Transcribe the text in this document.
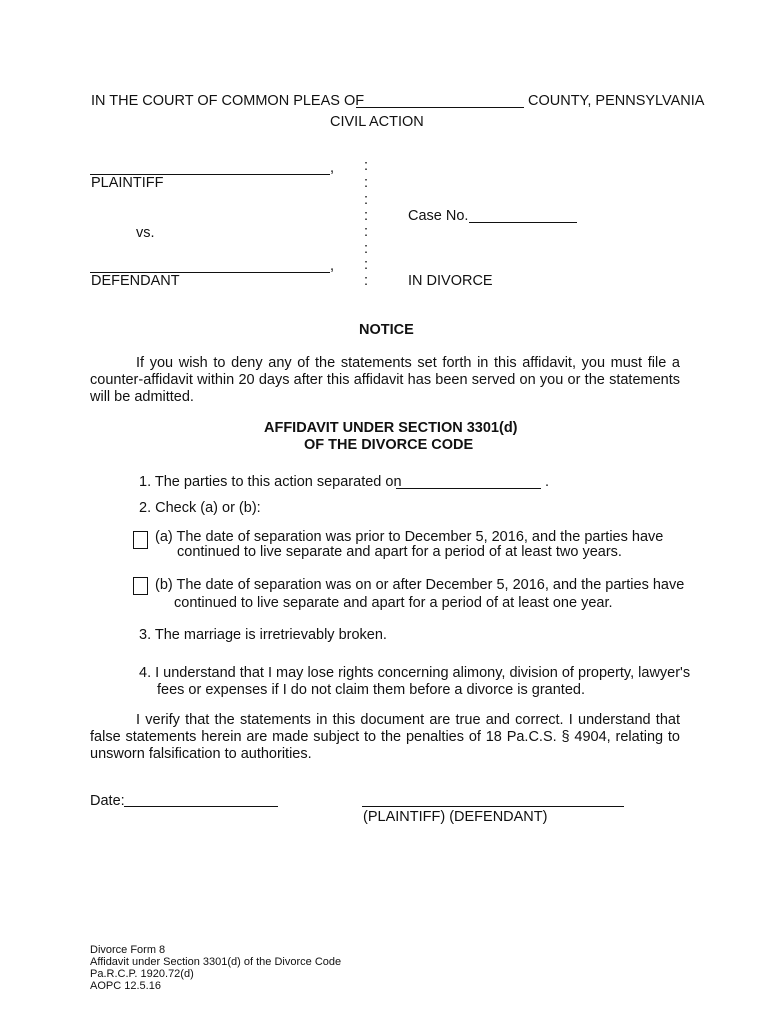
IN THE COURT OF COMMON PLEAS OF	COUNTY, PENNSYLVANIA
CIVIL ACTION
,
PLAINTIFF
vs.
,
DEFENDANT
:
:
:
:
:
:
:
:
Case No.
IN DIVORCE
NOTICE
If you wish to deny any of the statements set forth in this affidavit, you must file a counter-affidavit within 20 days after this affidavit has been served on you or the statements will be admitted.
AFFIDAVIT UNDER SECTION 3301(d)
OF THE DIVORCE CODE
1. The parties to this action separated on	.
2. Check (a) or (b):
(a) The date of separation was prior to December 5, 2016, and the parties have
continued to live separate and apart for a period of at least two years.
(b) The date of separation was on or after December 5, 2016, and the parties have
continued to live separate and apart for a period of at least one year.
3. The marriage is irretrievably broken.
4. I understand that I may lose rights concerning alimony, division of property, lawyer's
fees or expenses if I do not claim them before a divorce is granted.
I verify that the statements in this document are true and correct. I understand that false statements herein are made subject to the penalties of 18 Pa.C.S. § 4904, relating to unsworn falsification to authorities.
Date:
(PLAINTIFF) (DEFENDANT)
Divorce Form 8
Affidavit under Section 3301(d) of the Divorce Code
Pa.R.C.P. 1920.72(d)
AOPC 12.5.16
